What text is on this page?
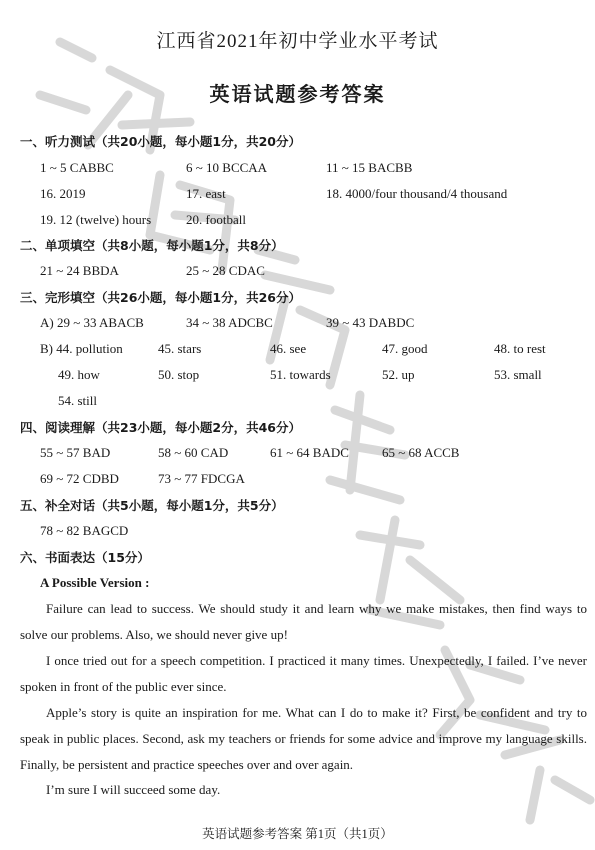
江西省2021年初中学业水平考试
英语试题参考答案
一、听力测试（共20小题，每小题1分，共20分）
1 ~ 5 CABBC	6 ~ 10 BCCAA	11 ~ 15 BACBB
16. 2019	17. east	18. 4000/four thousand/4 thousand
19. 12 (twelve) hours	20. football
二、单项填空（共8小题，每小题1分，共8分）
21 ~ 24 BBDA	25 ~ 28 CDAC
三、完形填空（共26小题，每小题1分，共26分）
A) 29 ~ 33 ABACB	34 ~ 38 ADCBC	39 ~ 43 DABDC
B) 44. pollution	45. stars	46. see	47. good	48. to rest
49. how	50. stop	51. towards	52. up	53. small
54. still
四、阅读理解（共23小题，每小题2分，共46分）
55 ~ 57 BAD	58 ~ 60 CAD	61 ~ 64 BADC	65 ~ 68 ACCB
69 ~ 72 CDBD	73 ~ 77 FDCGA
五、补全对话（共5小题，每小题1分，共5分）
78 ~ 82 BAGCD
六、书面表达（15分）
A Possible Version :
Failure can lead to success. We should study it and learn why we make mistakes, then find ways to solve our problems. Also, we should never give up!
I once tried out for a speech competition. I practiced it many times. Unexpectedly, I failed. I’ve never spoken in front of the public ever since.
Apple’s story is quite an inspiration for me. What can I do to make it? First, be confident and try to speak in public places. Second, ask my teachers or friends for some advice and improve my language skills. Finally, be persistent and practice speeches over and over again.
I’m sure I will succeed some day.
英语试题参考答案 第1页（共1页）
